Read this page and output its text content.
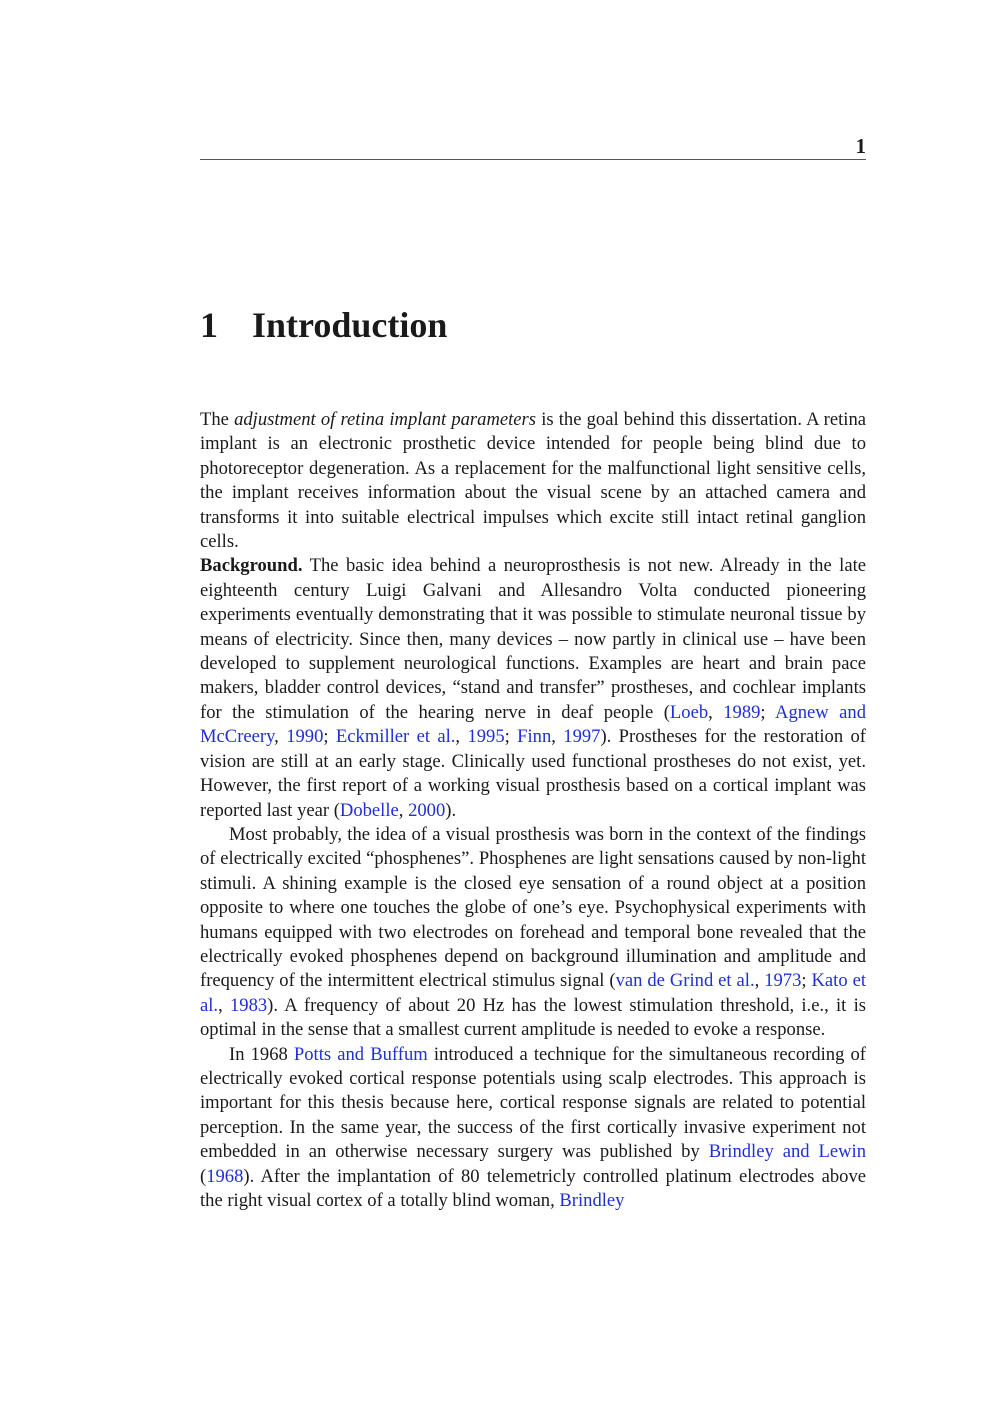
1
1 Introduction

The adjustment of retina implant parameters is the goal behind this dissertation. A retina implant is an electronic prosthetic device intended for people being blind due to photoreceptor degeneration. As a replacement for the malfunctional light sensitive cells, the implant receives information about the visual scene by an attached camera and transforms it into suitable electrical impulses which excite still intact retinal ganglion cells.

Background. The basic idea behind a neuroprosthesis is not new. Already in the late eighteenth century Luigi Galvani and Allesandro Volta conducted pioneering experiments eventually demonstrating that it was possible to stimulate neuronal tissue by means of electricity. Since then, many devices – now partly in clinical use – have been developed to supplement neurological functions. Examples are heart and brain pace makers, bladder control devices, “stand and transfer” prostheses, and cochlear implants for the stimulation of the hearing nerve in deaf people (Loeb, 1989; Agnew and McCreery, 1990; Eckmiller et al., 1995; Finn, 1997). Prostheses for the restoration of vision are still at an early stage. Clinically used functional prostheses do not exist, yet. However, the first report of a working visual prosthesis based on a cortical implant was reported last year (Dobelle, 2000).

Most probably, the idea of a visual prosthesis was born in the context of the findings of electrically excited “phosphenes”. Phosphenes are light sensations caused by non-light stimuli. A shining example is the closed eye sensation of a round object at a position opposite to where one touches the globe of one’s eye. Psychophysical experiments with humans equipped with two electrodes on forehead and temporal bone revealed that the electrically evoked phosphenes depend on background illumination and amplitude and frequency of the intermittent electrical stimulus signal (van de Grind et al., 1973; Kato et al., 1983). A frequency of about 20 Hz has the lowest stimulation threshold, i.e., it is optimal in the sense that a smallest current amplitude is needed to evoke a response.

In 1968 Potts and Buffum introduced a technique for the simultaneous recording of electrically evoked cortical response potentials using scalp electrodes. This approach is important for this thesis because here, cortical response signals are related to potential perception. In the same year, the success of the first cortically invasive experiment not embedded in an otherwise necessary surgery was published by Brindley and Lewin (1968). After the implantation of 80 telemetricly controlled platinum electrodes above the right visual cortex of a totally blind woman, Brindley
